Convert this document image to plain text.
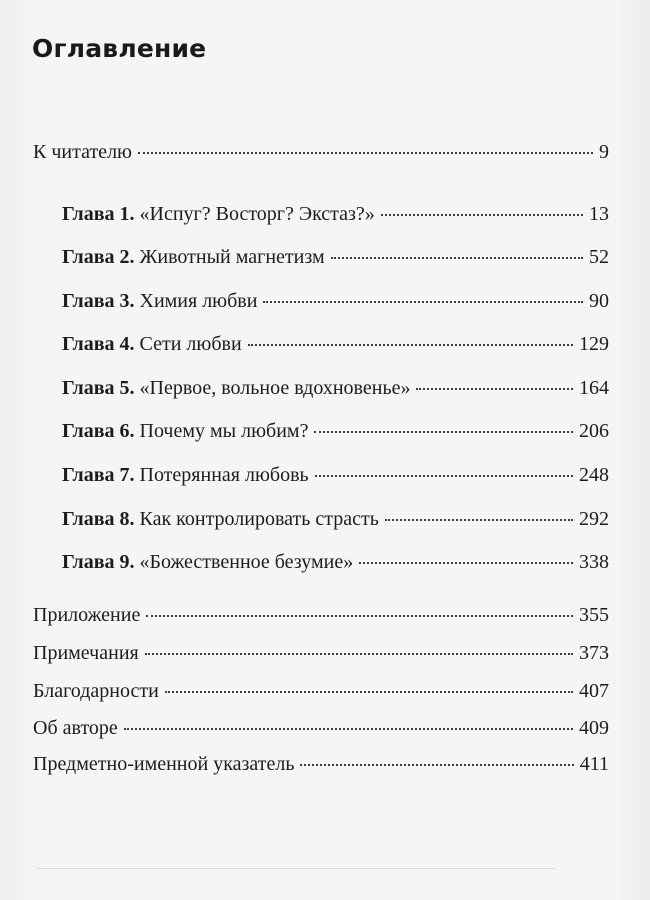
Оглавление
К читателю	9
Глава 1. «Испуг? Восторг? Экстаз?»	13
Глава 2. Животный магнетизм	52
Глава 3. Химия любви	90
Глава 4. Сети любви	129
Глава 5. «Первое, вольное вдохновенье»	164
Глава 6. Почему мы любим?	206
Глава 7. Потерянная любовь	248
Глава 8. Как контролировать страсть	292
Глава 9. «Божественное безумие»	338
Приложение	355
Примечания	373
Благодарности	407
Об авторе	409
Предметно-именной указатель	411
